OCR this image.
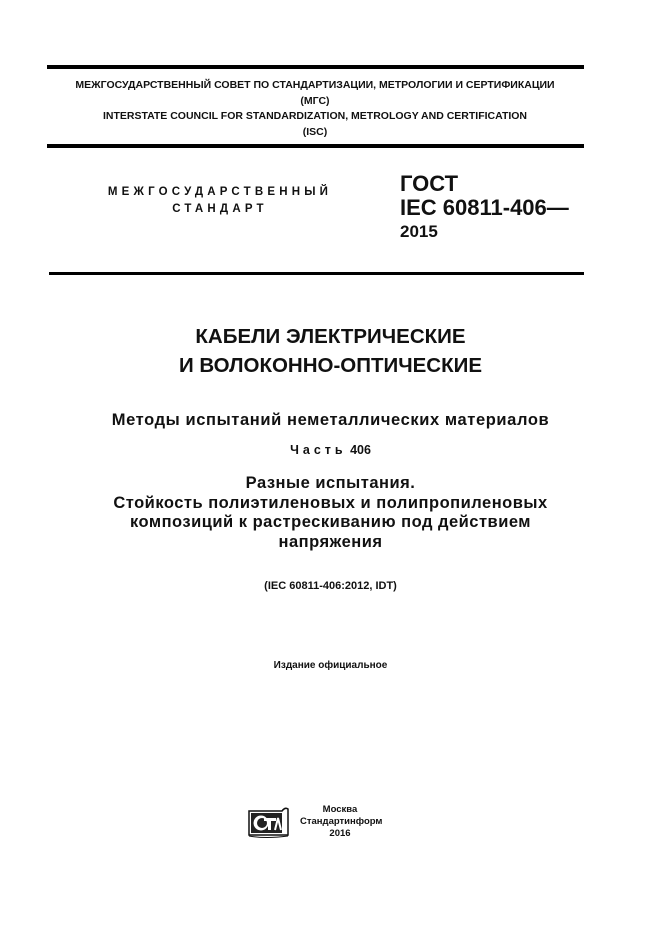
МЕЖГОСУДАРСТВЕННЫЙ СОВЕТ ПО СТАНДАРТИЗАЦИИ, МЕТРОЛОГИИ И СЕРТИФИКАЦИИ
(МГС)
INTERSTATE COUNCIL FOR STANDARDIZATION, METROLOGY AND CERTIFICATION
(ISC)
МЕЖГОСУДАРСТВЕННЫЙ
СТАНДАРТ
ГОСТ
IEC 60811-406—
2015
КАБЕЛИ ЭЛЕКТРИЧЕСКИЕ
И ВОЛОКОННО-ОПТИЧЕСКИЕ
Методы испытаний неметаллических материалов
Часть 406
Разные испытания.
Стойкость полиэтиленовых и полипропиленовых
композиций к растрескиванию под действием
напряжения
(IEC 60811-406:2012, IDT)
Издание официальное
Москва
Стандартинформ
2016
